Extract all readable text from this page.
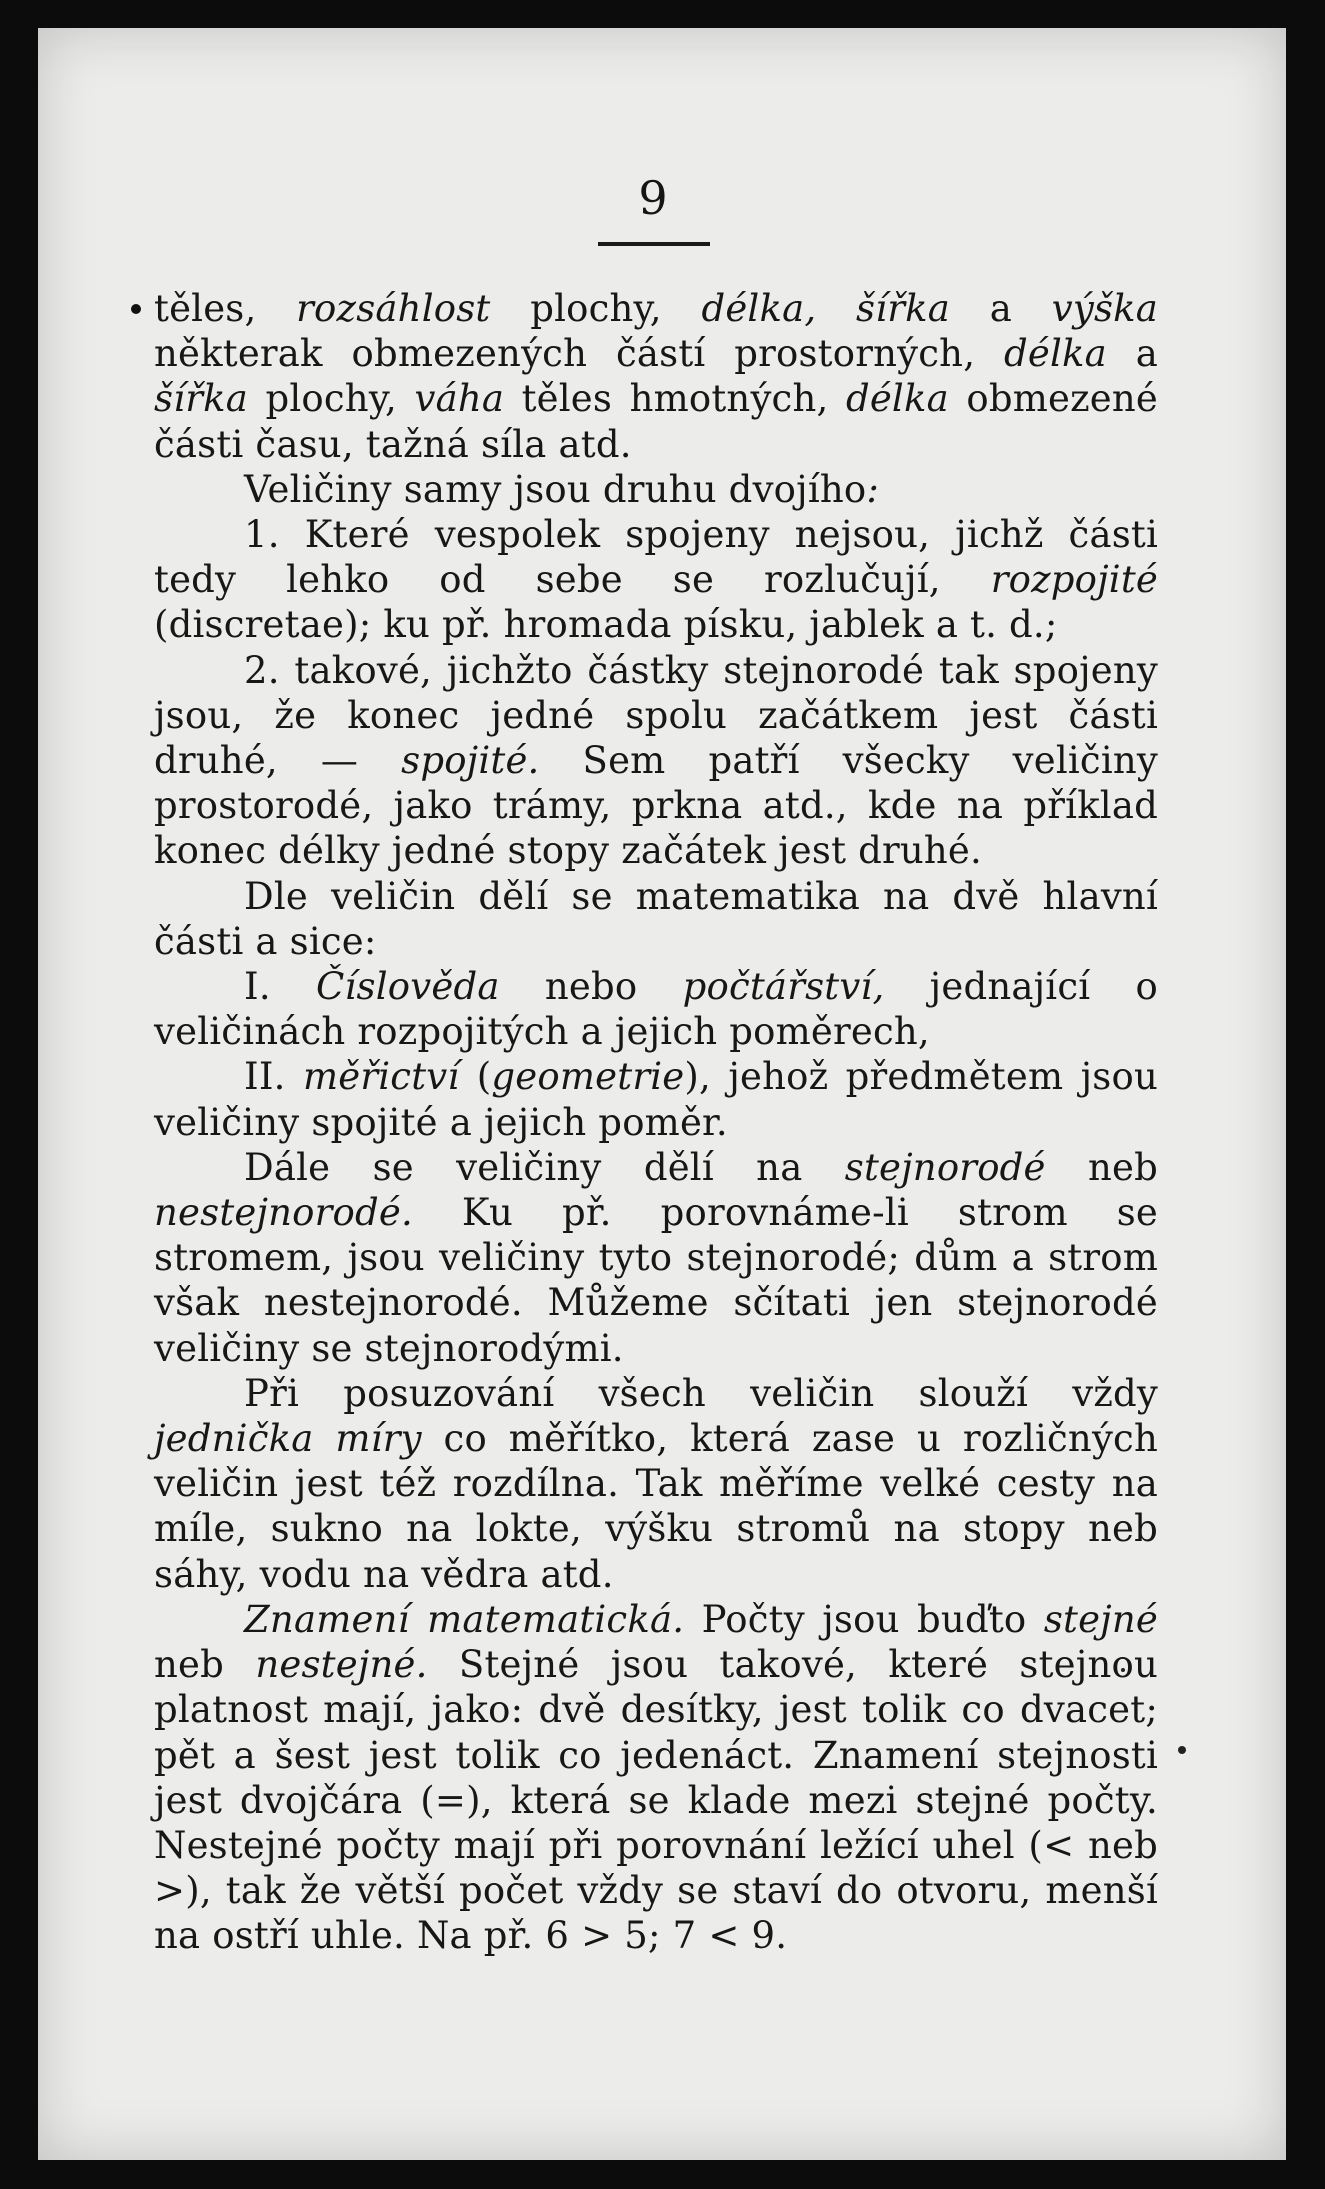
9

těles, rozsáhlost plochy, délka, šířka a výška některak obmezených částí prostorných, délka a šířka plochy, váha těles hmotných, délka obmezené části času, tažná síla atd.

Veličiny samy jsou druhu dvojího:

1. Které vespolek spojeny nejsou, jichž části tedy lehko od sebe se rozlučují, rozpojité (discretae); ku př. hromada písku, jablek a t. d.;

2. takové, jichžto částky stejnorodé tak spojeny jsou, že konec jedné spolu začátkem jest části druhé, — spojité. Sem patří všecky veličiny prostorodé, jako trámy, prkna atd., kde na příklad konec délky jedné stopy začátek jest druhé.

Dle veličin dělí se matematika na dvě hlavní části a sice:

I. Číslověda nebo počtářství, jednající o veličinách rozpojitých a jejich poměrech,

II. měřictví (geometrie), jehož předmětem jsou veličiny spojité a jejich poměr.

Dále se veličiny dělí na stejnorodé neb nestejnorodé. Ku př. porovnáme-li strom se stromem, jsou veličiny tyto stejnorodé; dům a strom však nestejnorodé. Můžeme sčítati jen stejnorodé veličiny se stejnorodými.

Při posuzování všech veličin slouží vždy jednička míry co měřítko, která zase u rozličných veličin jest též rozdílna. Tak měříme velké cesty na míle, sukno na lokte, výšku stromů na stopy neb sáhy, vodu na vědra atd.

Znamení matematická. Počty jsou buďto stejné neb nestejné. Stejné jsou takové, které stejnou platnost mají, jako: dvě desítky, jest tolik co dvacet; pět a šest jest tolik co jedenáct. Znamení stejnosti jest dvojčára (=), která se klade mezi stejné počty. Nestejné počty mají při porovnání ležící uhel (< neb >), tak že větší počet vždy se staví do otvoru, menší na ostří uhle. Na př. 6 > 5; 7 < 9.
